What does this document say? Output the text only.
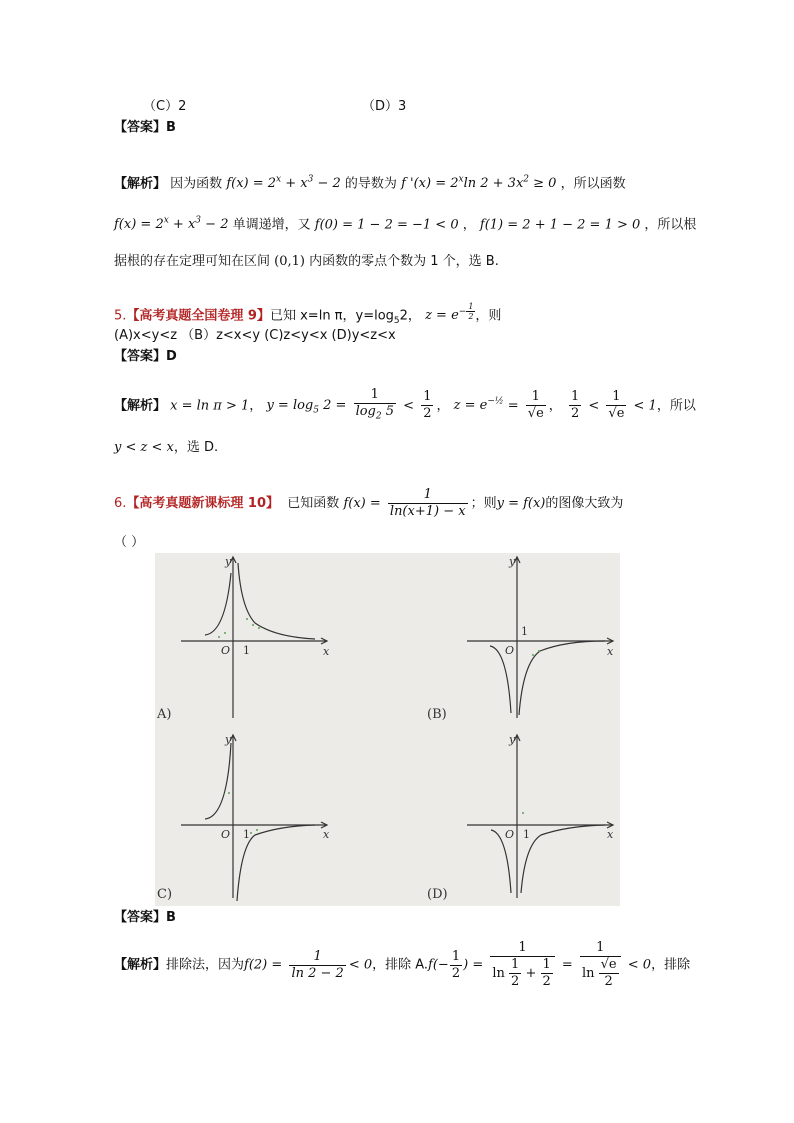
（C）2	（D）3
【答案】B
【解析】 因为函数 $f(x) = 2^x + x^3 - 2$ 的导数为 f '$(x) = 2^x\ln$ $2 + 3x^2 \ge 0$ ，所以函数
$f(x) = 2^x + x^3 - 2$ 单调递增，又 f(0) = 1 − 2 = −1 < 0 ， f(1) = 2 + 1 − 2 = 1 > 0 ，所以根
据根的存在定理可知在区间 (0,1) 内函数的零点个数为 1 个，选 B.
5.【高考真题全国卷理 9】已知 x=ln π，$y=\log_52$， $z = e^{- \frac{1}{2}}$ ，则
(A)x<y<z （B）z<x<y (C)z<y<x (D)y<z<x
【答案】D
【解析】 x = ln π > 1， $y = \log_5 2 = \frac{1}{\log_2 5} < \frac{1}{2}$ ， $z = e^{-\frac{1}{2}} = \frac{1}{√e}$ ， $\frac{1}{2} < \frac{1}{√e} < 1$，所以
y < z < x，选 D.
6.【高考真题新课标理 10】 已知函数 $f(x) = \frac{1}{\ln(x+1) - x}$ ；则y = f(x)的图像大致为
（ ）
y
x
O 1
A)
y
x
O
1
(B)
y
x
O 1
C)
y
x
O 1
(D)
【答案】B
【解析】排除法，因为$f(2) = \frac{1}{\ln 2 - 2} < 0$，排除 $A.f(- \frac{1}{2}$ ) = $\frac{1}{\ln \frac{1}{2} + \frac{1}{2}} = \frac{1}{\ln \frac{√e}{2}} < 0$，排除
